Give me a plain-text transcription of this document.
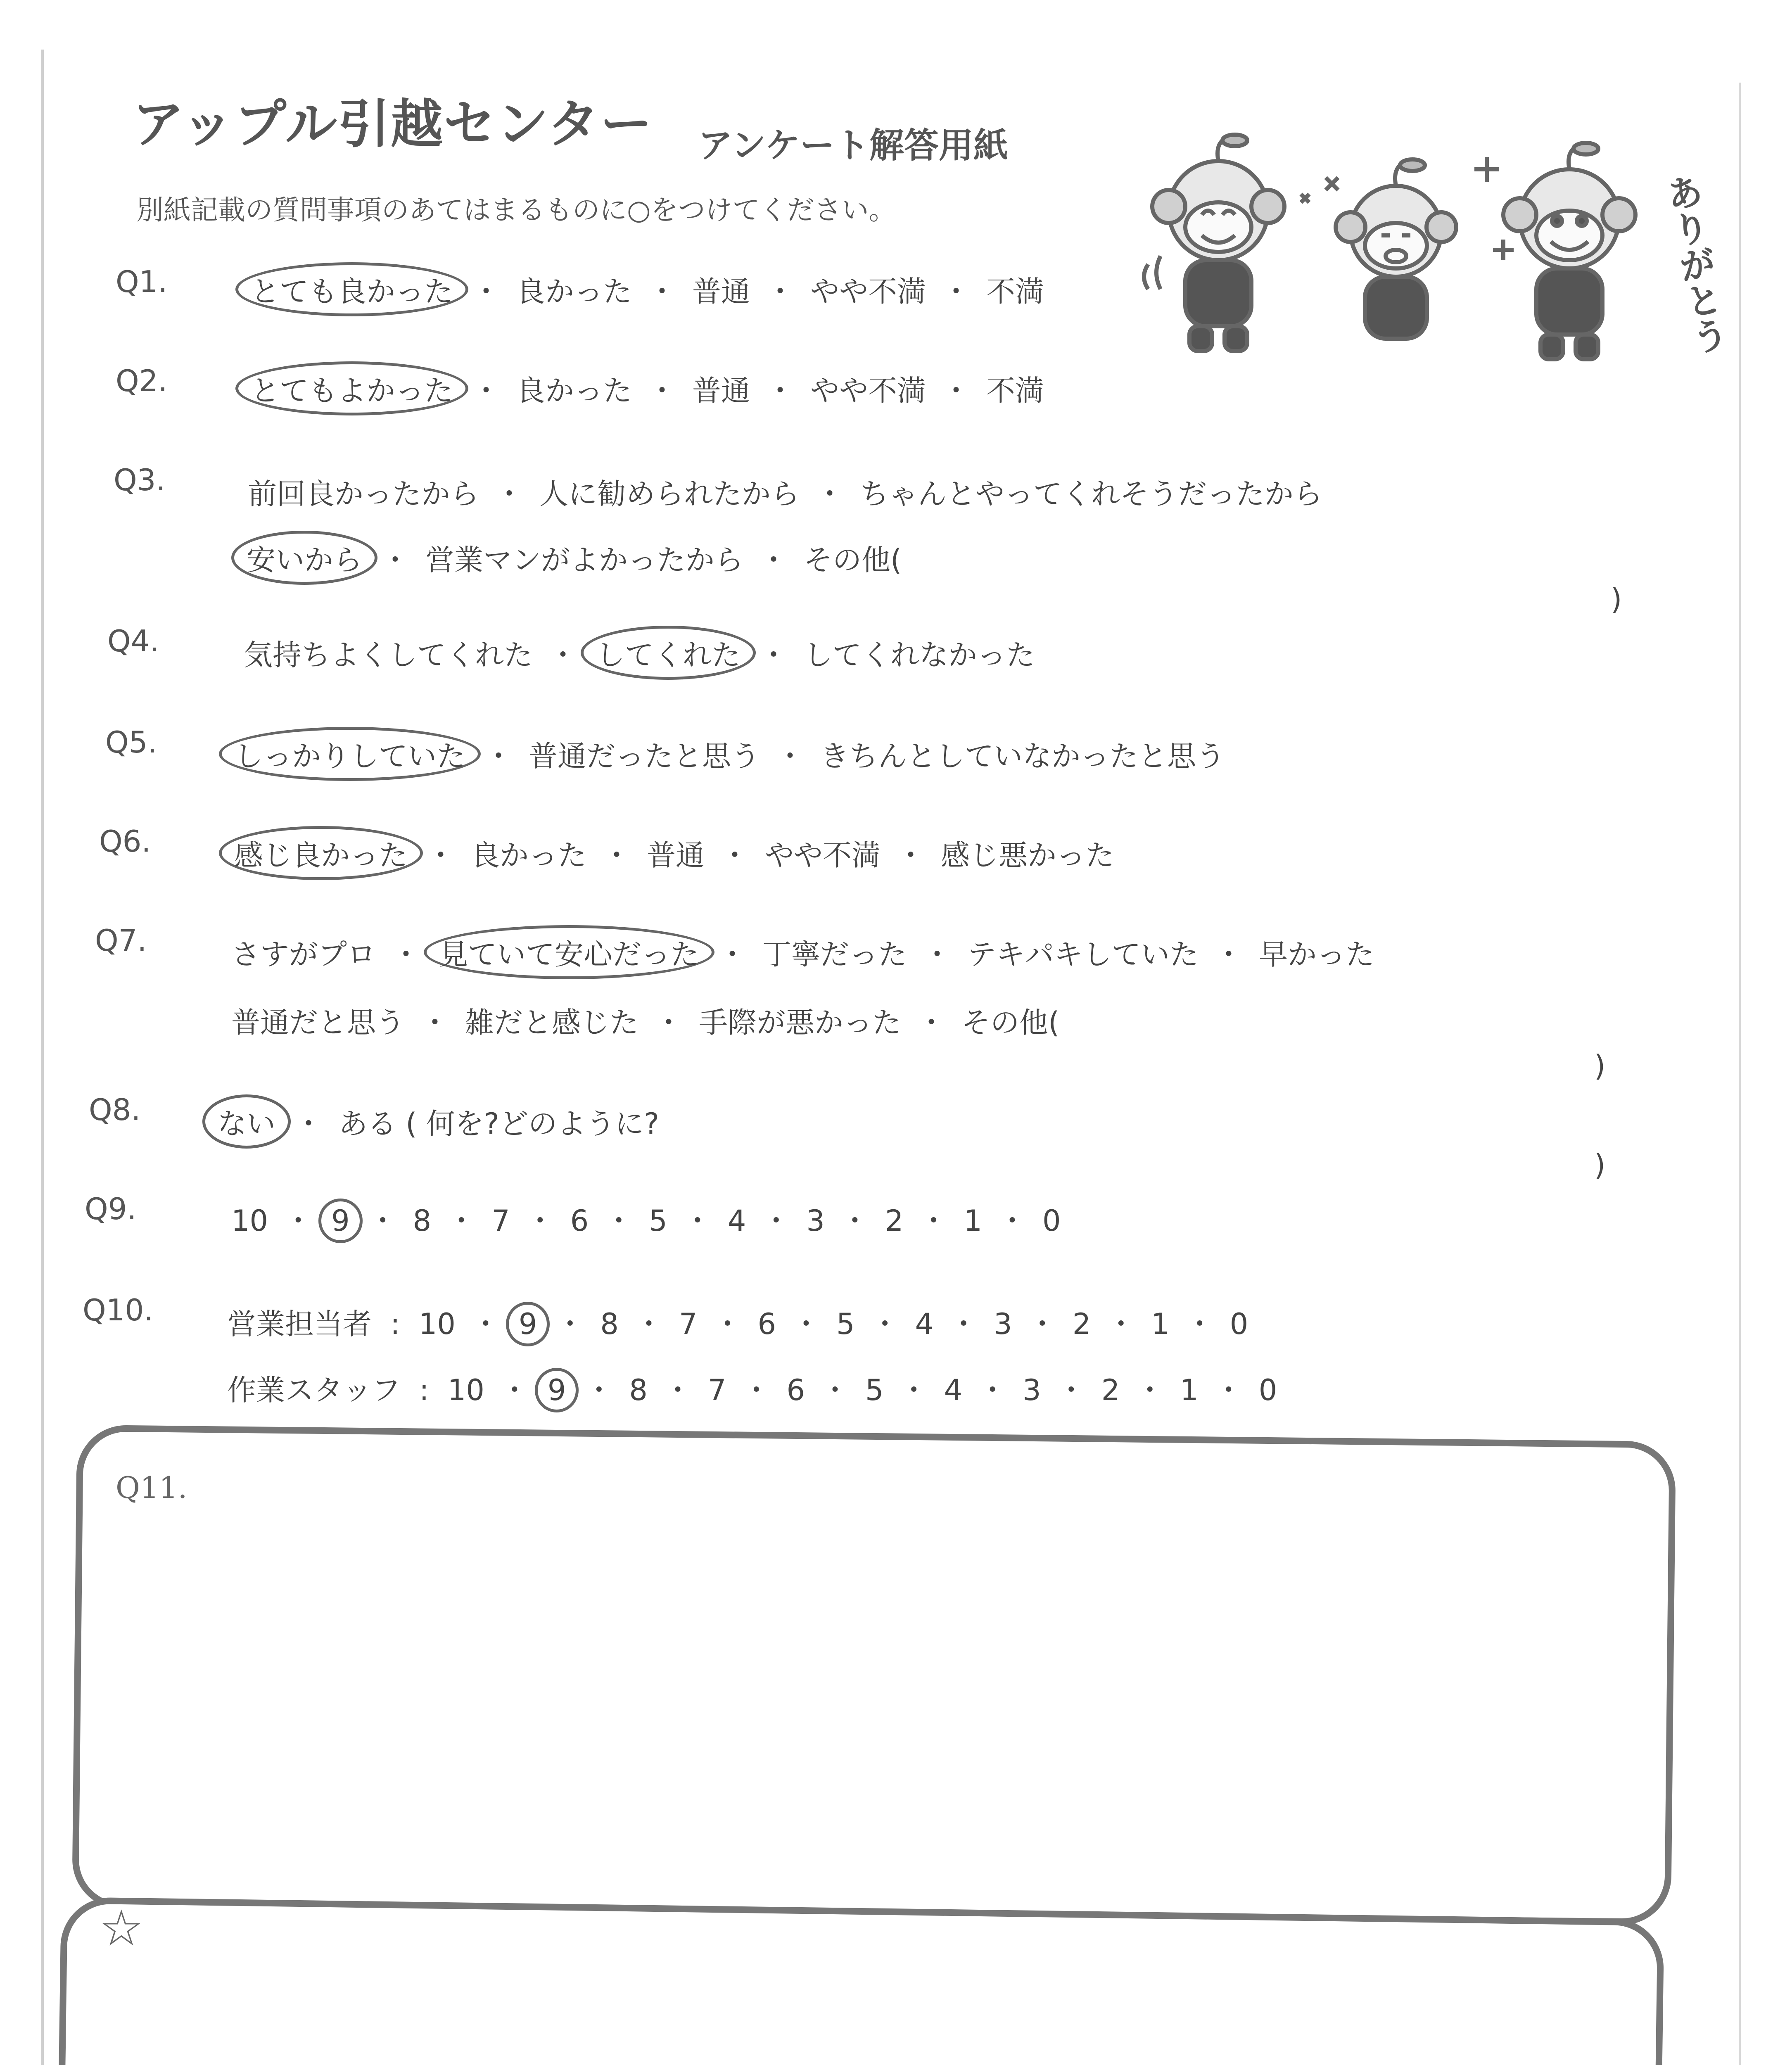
アップル引越センター アンケート解答用紙
別紙記載の質問事項のあてはまるものに○をつけてください。	ありがとう
Q1.	とても良かった ・ 良かった ・ 普通 ・ やや不満 ・ 不満
Q2.	とてもよかった ・ 良かった ・ 普通 ・ やや不満 ・ 不満
Q3.	前回良かったから ・ 人に勧められたから ・ ちゃんとやってくれそうだったから
安いから ・ 営業マンがよかったから ・ その他(
)
Q4.	気持ちよくしてくれた ・ してくれた ・ してくれなかった
Q5.	しっかりしていた ・ 普通だったと思う ・ きちんとしていなかったと思う
Q6.	感じ良かった ・ 良かった ・ 普通 ・ やや不満 ・ 感じ悪かった
Q7.	さすがプロ ・ 見ていて安心だった ・ 丁寧だった ・ テキパキしていた ・ 早かった
普通だと思う ・ 雑だと感じた ・ 手際が悪かった ・ その他(
)
Q8.	ない ・ ある ( 何を?どのように?
)
Q9.	10 ・ 9 ・ 8 ・ 7 ・ 6 ・ 5 ・ 4 ・ 3 ・ 2 ・ 1 ・ 0
Q10.	営業担当者 : 10 ・ 9 ・ 8 ・ 7 ・ 6 ・ 5 ・ 4 ・ 3 ・ 2 ・ 1 ・ 0
作業スタッフ : 10 ・ 9 ・ 8 ・ 7 ・ 6 ・ 5 ・ 4 ・ 3 ・ 2 ・ 1 ・ 0
Q11.
☆
